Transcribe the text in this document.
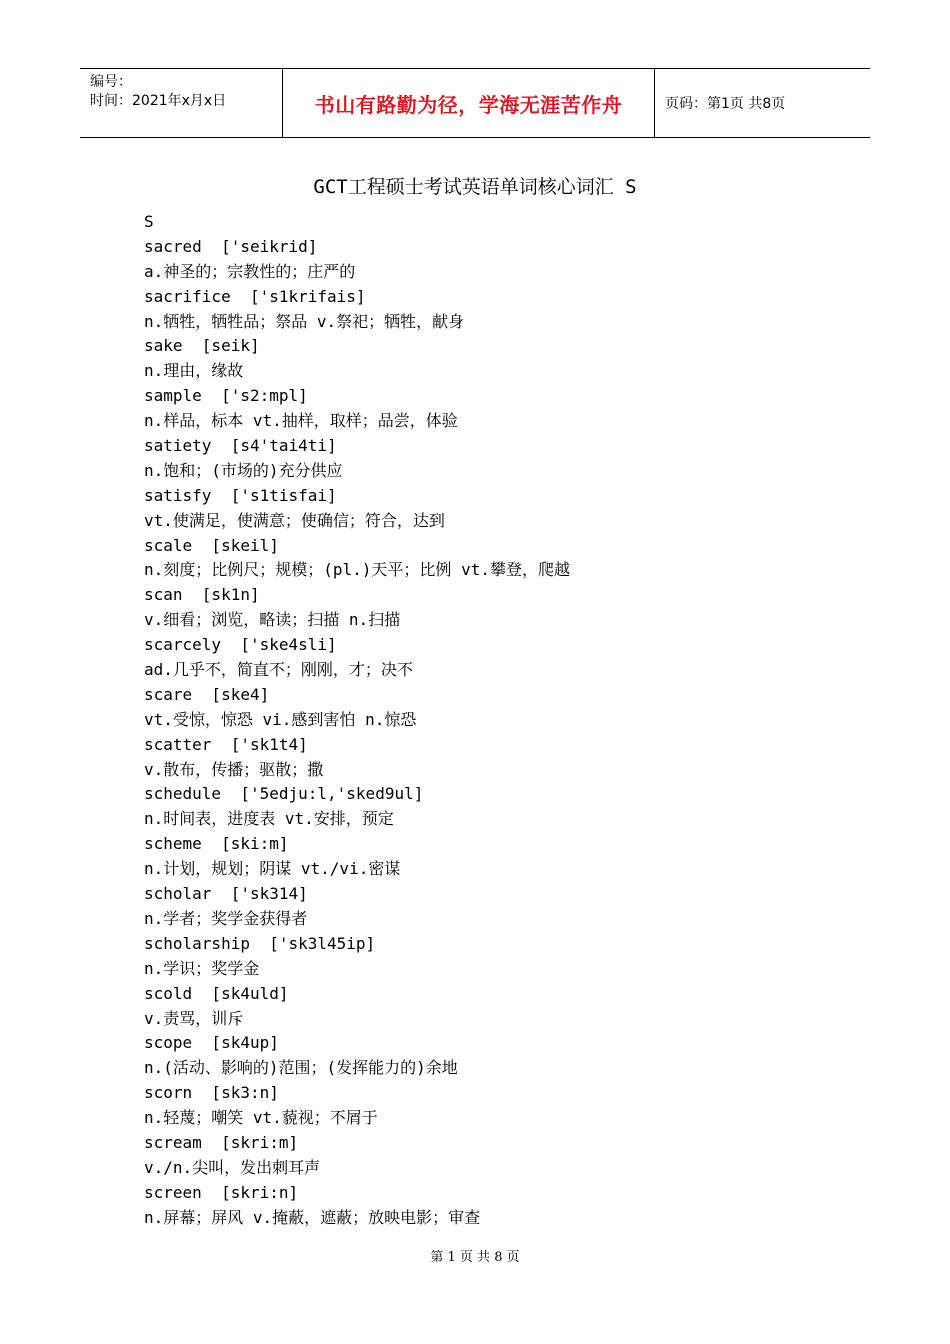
编号：
时间：2021年x月x日	书山有路勤为径，学海无涯苦作舟	页码：第1页 共8页
GCT工程硕士考试英语单词核心词汇 S
S
sacred  ['seikrid]
a.神圣的；宗教性的；庄严的
sacrifice  ['s1krifais]
n.牺牲，牺牲品；祭品 v.祭祀；牺牲，献身
sake  [seik]
n.理由，缘故
sample  ['s2:mpl]
n.样品，标本 vt.抽样，取样；品尝，体验
satiety  [s4'tai4ti]
n.饱和；(市场的)充分供应
satisfy  ['s1tisfai]
vt.使满足，使满意；使确信；符合，达到
scale  [skeil]
n.刻度；比例尺；规模；(pl.)天平；比例 vt.攀登，爬越
scan  [sk1n]
v.细看；浏览，略读；扫描 n.扫描
scarcely  ['ske4sli]
ad.几乎不，简直不；刚刚，才；决不
scare  [ske4]
vt.受惊，惊恐 vi.感到害怕 n.惊恐
scatter  ['sk1t4]
v.散布，传播；驱散；撒
schedule  ['5edju:l,'sked9ul]
n.时间表，进度表 vt.安排，预定
scheme  [ski:m]
n.计划，规划；阴谋 vt./vi.密谋
scholar  ['sk314]
n.学者；奖学金获得者
scholarship  ['sk3l45ip]
n.学识；奖学金
scold  [sk4uld]
v.责骂，训斥
scope  [sk4up]
n.(活动、影响的)范围；(发挥能力的)余地
scorn  [sk3:n]
n.轻蔑；嘲笑 vt.藐视；不屑于
scream  [skri:m]
v./n.尖叫，发出刺耳声
screen  [skri:n]
n.屏幕；屏风 v.掩蔽，遮蔽；放映电影；审查
第 1 页 共 8 页
